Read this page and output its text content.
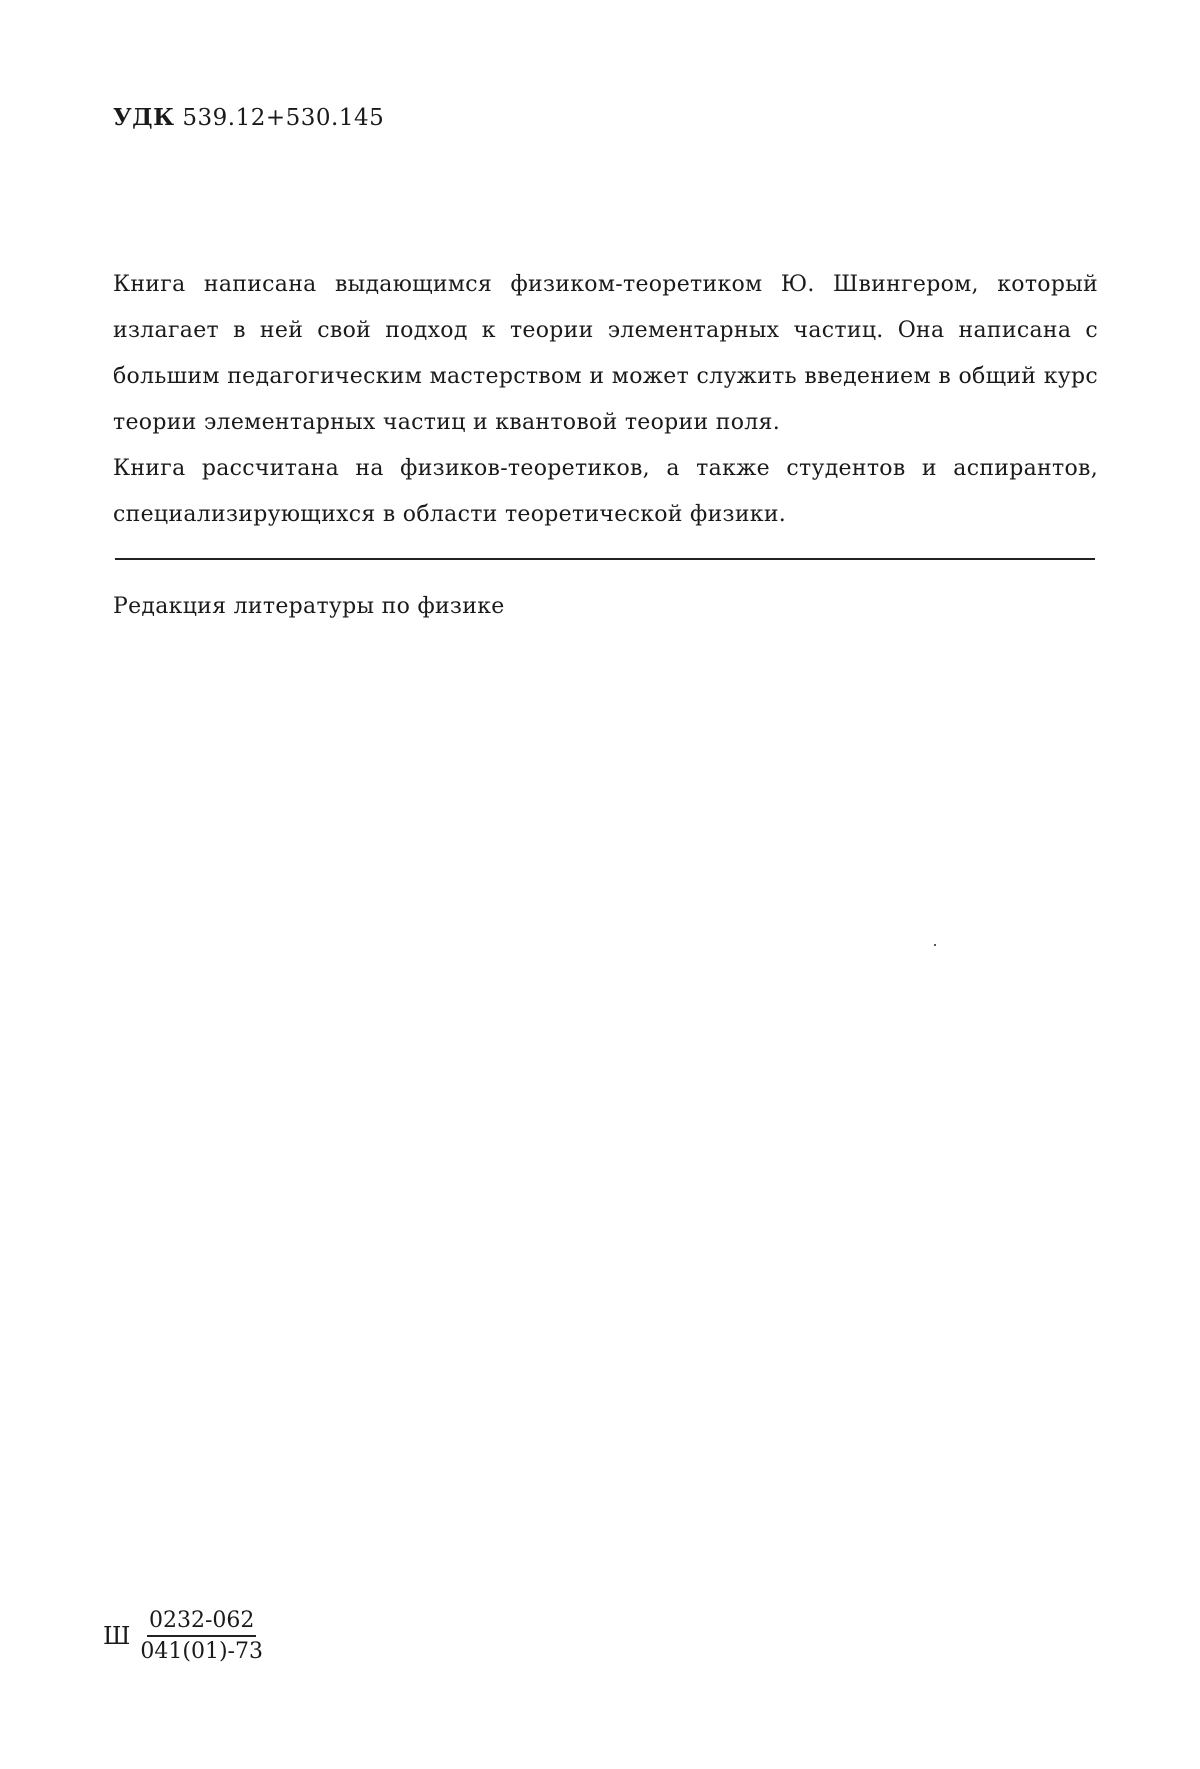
УДК 539.12+530.145

Книга написана выдающимся физиком-теоретиком Ю. Швингером, который излагает в ней свой подход к теории элементарных частиц. Она написана с большим педагогическим мастерством и может служить введением в общий курс теории элементарных частиц и квантовой теории поля.

Книга рассчитана на физиков-теоретиков, а также студентов и аспирантов, специализирующихся в области теоретической физики.

Редакция литературы по физике
Ш $\frac{0232-062}{041(01)-73}$
